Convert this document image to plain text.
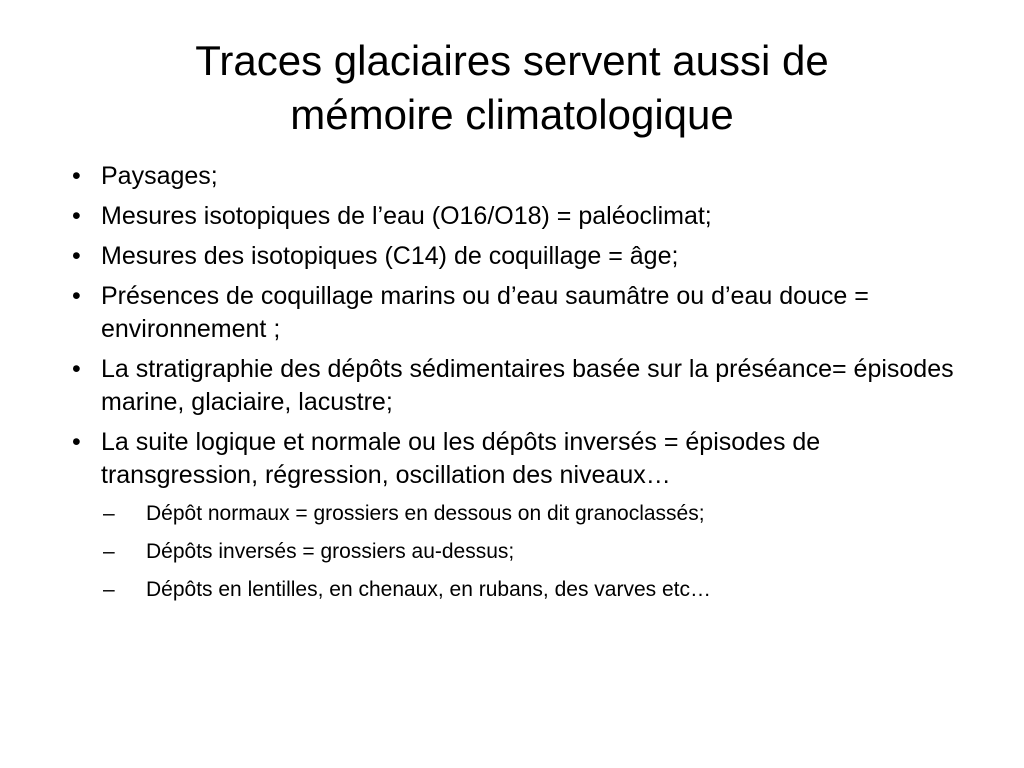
Traces glaciaires servent aussi de
mémoire climatologique
• Paysages;
• Mesures isotopiques de l’eau (O16/O18) = paléoclimat;
• Mesures des isotopiques (C14) de coquillage = âge;
• Présences de coquillage marins ou d’eau saumâtre ou d’eau douce = environnement ;
• La stratigraphie des dépôts sédimentaires basée sur la préséance= épisodes marine, glaciaire, lacustre;
• La suite logique et normale ou les dépôts inversés = épisodes de transgression, régression, oscillation des niveaux…
– Dépôt normaux = grossiers en dessous on dit granoclassés;
– Dépôts inversés = grossiers au-dessus;
– Dépôts en lentilles, en chenaux, en rubans, des varves etc…
